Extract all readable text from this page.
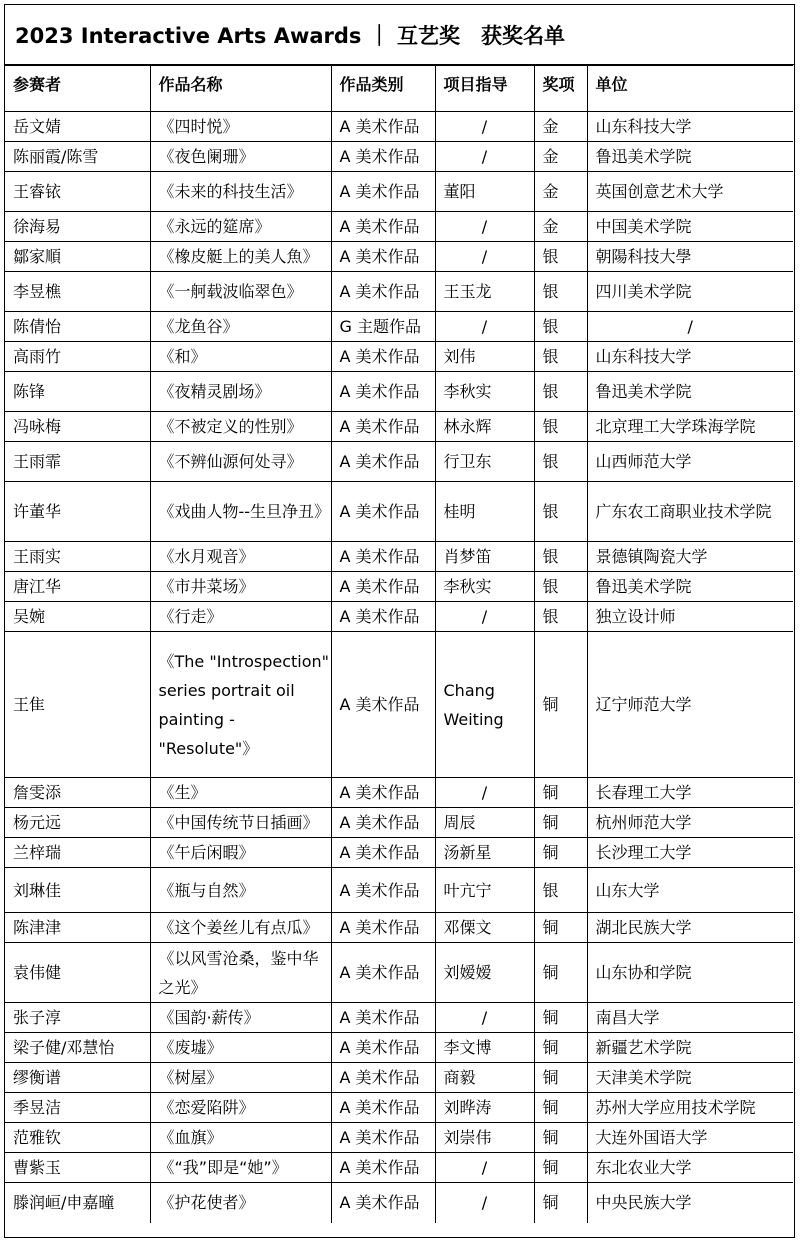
2023 Interactive Arts Awards ｜ 互艺奖　获奖名单
参赛者	作品名称	作品类别	项目指导	奖项	单位
岳文婧	《四时悦》	A 美术作品	/	金	山东科技大学
陈丽霞/陈雪	《夜色阑珊》	A 美术作品	/	金	鲁迅美术学院
王睿铱	《未来的科技生活》	A 美术作品	董阳	金	英国创意艺术大学
徐海易	《永远的筵席》	A 美术作品	/	金	中国美术学院
鄒家順	《橡皮艇上的美人魚》	A 美术作品	/	银	朝陽科技大學
李昱樵	《一舸载波临翠色》	A 美术作品	王玉龙	银	四川美术学院
陈倩怡	《龙鱼谷》	G 主题作品	/	银	/
高雨竹	《和》	A 美术作品	刘伟	银	山东科技大学
陈锋	《夜精灵剧场》	A 美术作品	李秋实	银	鲁迅美术学院
冯咏梅	《不被定义的性别》	A 美术作品	林永辉	银	北京理工大学珠海学院
王雨霏	《不辨仙源何处寻》	A 美术作品	行卫东	银	山西师范大学
许董华	《戏曲人物--生旦净丑》	A 美术作品	桂明	银	广东农工商职业技术学院
王雨实	《水月观音》	A 美术作品	肖梦笛	银	景德镇陶瓷大学
唐江华	《市井菜场》	A 美术作品	李秋实	银	鲁迅美术学院
吴婉	《行走》	A 美术作品	/	银	独立设计师
王隹	《The "Introspection" series portrait oil painting - "Resolute"》	A 美术作品	Chang Weiting	铜	辽宁师范大学
詹雯添	《生》	A 美术作品	/	铜	长春理工大学
杨元远	《中国传统节日插画》	A 美术作品	周辰	铜	杭州师范大学
兰梓瑞	《午后闲暇》	A 美术作品	汤新星	铜	长沙理工大学
刘琳佳	《瓶与自然》	A 美术作品	叶亢宁	银	山东大学
陈津津	《这个姜丝儿有点瓜》	A 美术作品	邓傈文	铜	湖北民族大学
袁伟健	《以风雪沧桑，鉴中华之光》	A 美术作品	刘嫒嫒	铜	山东协和学院
张子淳	《国韵·薪传》	A 美术作品	/	铜	南昌大学
梁子健/邓慧怡	《废墟》	A 美术作品	李文博	铜	新疆艺术学院
缪衡谱	《树屋》	A 美术作品	商毅	铜	天津美术学院
季昱洁	《恋爱陷阱》	A 美术作品	刘晔涛	铜	苏州大学应用技术学院
范雅钦	《血旗》	A 美术作品	刘崇伟	铜	大连外国语大学
曹紫玉	《“我”即是“她”》	A 美术作品	/	铜	东北农业大学
滕润峘/申嘉曈	《护花使者》	A 美术作品	/	铜	中央民族大学
